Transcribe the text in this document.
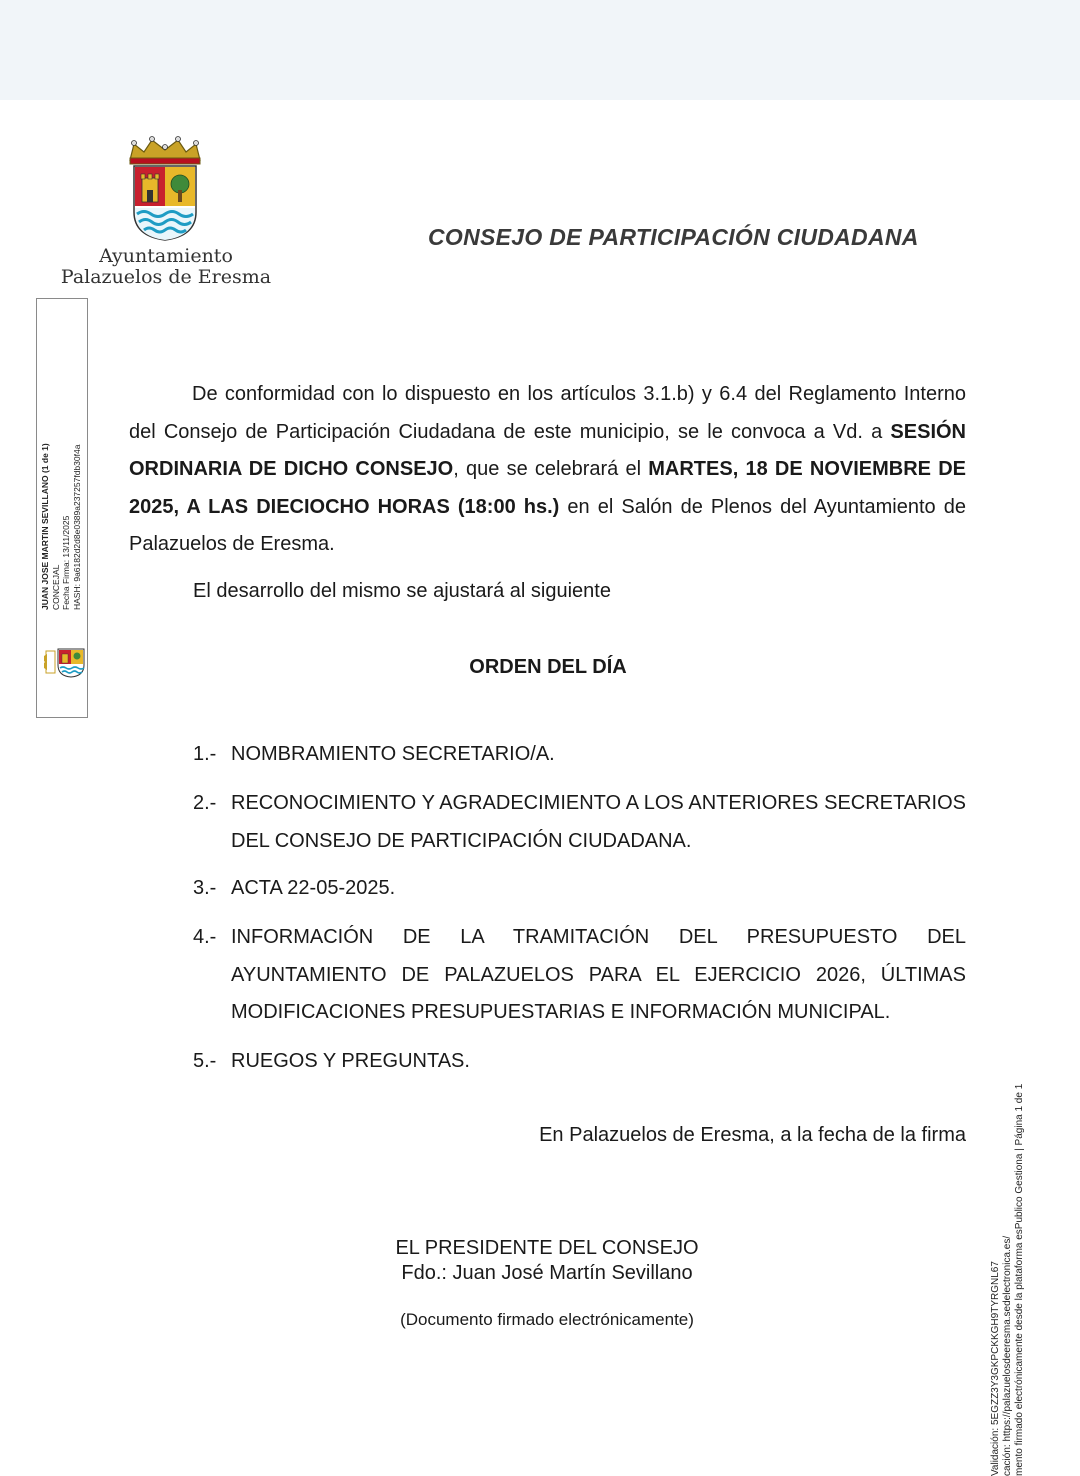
Ayuntamiento
Palazuelos de Eresma
CONSEJO DE PARTICIPACIÓN CIUDADANA
JUAN JOSE MARTIN SEVILLANO (1 de 1) CONCEJAL Fecha Firma: 13/11/2025 HASH: 9a6182d2d8e0389a237257fdb30f4a
De conformidad con lo dispuesto en los artículos 3.1.b) y 6.4 del Reglamento Interno del Consejo de Participación Ciudadana de este municipio, se le convoca a Vd. a SESIÓN ORDINARIA DE DICHO CONSEJO, que se celebrará el MARTES, 18 DE NOVIEMBRE DE 2025, A LAS DIECIOCHO HORAS (18:00 hs.) en el Salón de Plenos del Ayuntamiento de Palazuelos de Eresma.
El desarrollo del mismo se ajustará al siguiente
ORDEN DEL DÍA
1.- NOMBRAMIENTO SECRETARIO/A.
2.- RECONOCIMIENTO Y AGRADECIMIENTO A LOS ANTERIORES SECRETARIOS DEL CONSEJO DE PARTICIPACIÓN CIUDADANA.
3.- ACTA 22-05-2025.
4.- INFORMACIÓN DE LA TRAMITACIÓN DEL PRESUPUESTO DEL AYUNTAMIENTO DE PALAZUELOS PARA EL EJERCICIO 2026, ÚLTIMAS MODIFICACIONES PRESUPUESTARIAS E INFORMACIÓN MUNICIPAL.
5.- RUEGOS Y PREGUNTAS.
En Palazuelos de Eresma, a la fecha de la firma
EL PRESIDENTE DEL CONSEJO
Fdo.: Juan José Martín Sevillano
(Documento firmado electrónicamente)	Validación: 5EGZZ3Y3GKPCKKGH9TYRGNL67 cación: https://palazuelosdeeresma.sedelectronica.es/ mento firmado electrónicamente desde la plataforma esPublico Gestiona | Página 1 de 1
